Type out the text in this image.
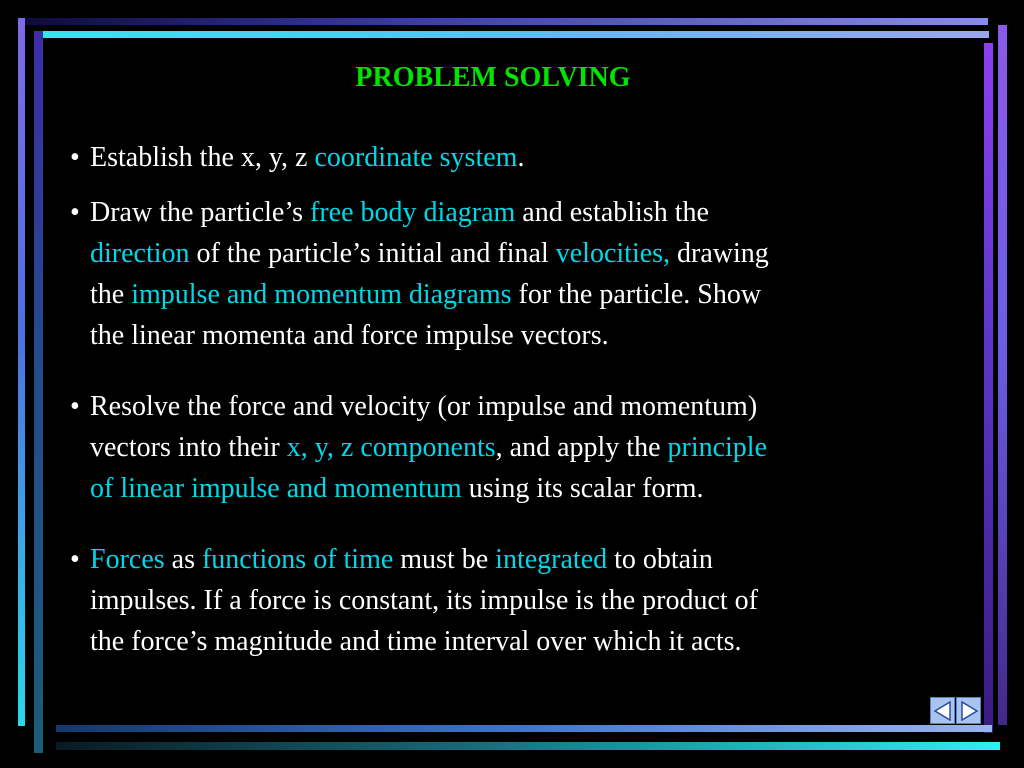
PROBLEM SOLVING
• Establish the x, y, z coordinate system.
• Draw the particle’s free body diagram and establish the
direction of the particle’s initial and final velocities, drawing
the impulse and momentum diagrams for the particle. Show
the linear momenta and force impulse vectors.
• Resolve the force and velocity (or impulse and momentum)
vectors into their x, y, z components, and apply the principle
of linear impulse and momentum using its scalar form.
• Forces as functions of time must be integrated to obtain
impulses. If a force is constant, its impulse is the product of
the force’s magnitude and time interval over which it acts.
